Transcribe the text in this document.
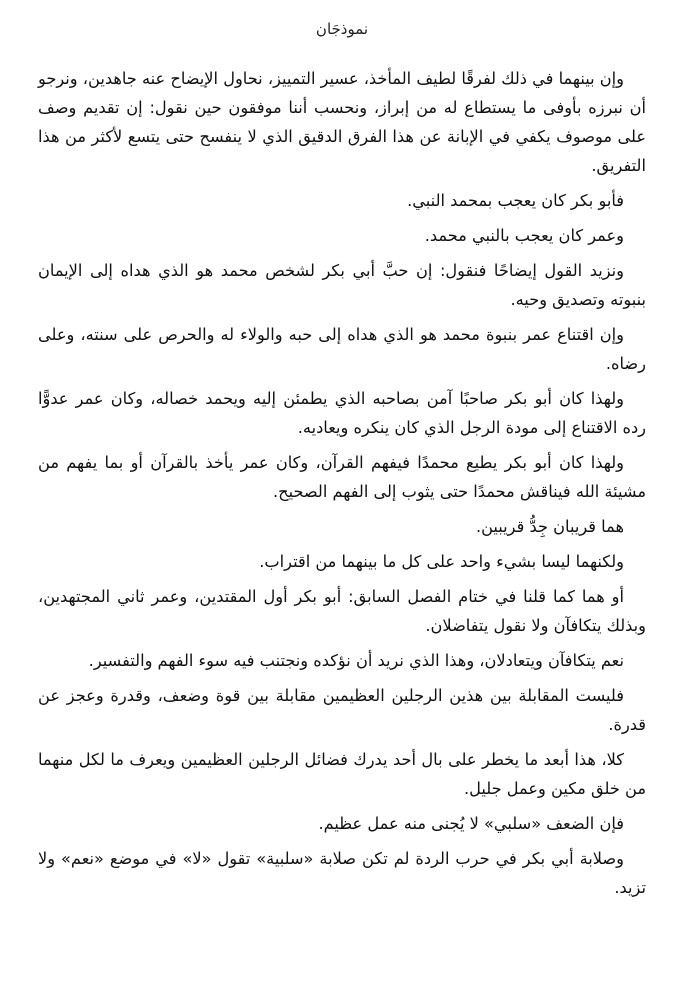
نموذجَان

وإن بينهما في ذلك لفرقًا لطيف المأخذ، عسير التمييز، نحاول الإيضاح عنه جاهدين، ونرجو أن نبرزه بأوفى ما يستطاع له من إبراز، ونحسب أننا موفقون حين نقول: إن تقديم وصف على موصوف يكفي في الإبانة عن هذا الفرق الدقيق الذي لا ينفسح حتى يتسع لأكثر من هذا التفريق.

فأبو بكر كان يعجب بمحمد النبي.

وعمر كان يعجب بالنبي محمد.

ونزيد القول إيضاحًا فنقول: إن حبَّ أبي بكر لشخص محمد هو الذي هداه إلى الإيمان بنبوته وتصديق وحيه.

وإن اقتناع عمر بنبوة محمد هو الذي هداه إلى حبه والولاء له والحرص على سنته، وعلى رضاه.

ولهذا كان أبو بكر صاحبًا آمن بصاحبه الذي يطمئن إليه ويحمد خصاله، وكان عمر عدوًّا رده الاقتناع إلى مودة الرجل الذي كان ينكره ويعاديه.

ولهذا كان أبو بكر يطيع محمدًا فيفهم القرآن، وكان عمر يأخذ بالقرآن أو بما يفهم من مشيئة الله فيناقش محمدًا حتى يثوب إلى الفهم الصحيح.

هما قريبان جِدُّ قريبين.

ولكنهما ليسا بشيء واحد على كل ما بينهما من اقتراب.

أو هما كما قلنا في ختام الفصل السابق: أبو بكر أول المقتدين، وعمر ثاني المجتهدين، وبذلك يتكافآن ولا نقول يتفاضلان.

نعم يتكافآن ويتعادلان، وهذا الذي نريد أن نؤكده ونجتنب فيه سوء الفهم والتفسير.

فليست المقابلة بين هذين الرجلين العظيمين مقابلة بين قوة وضعف، وقدرة وعجز عن قدرة.

كلا، هذا أبعد ما يخطر على بال أحد يدرك فضائل الرجلين العظيمين ويعرف ما لكل منهما من خلق مكين وعمل جليل.

فإن الضعف «سلبي» لا يُجنى منه عمل عظيم.

وصلابة أبي بكر في حرب الردة لم تكن صلابة «سلبية» تقول «لا» في موضع «نعم» ولا تزيد.
